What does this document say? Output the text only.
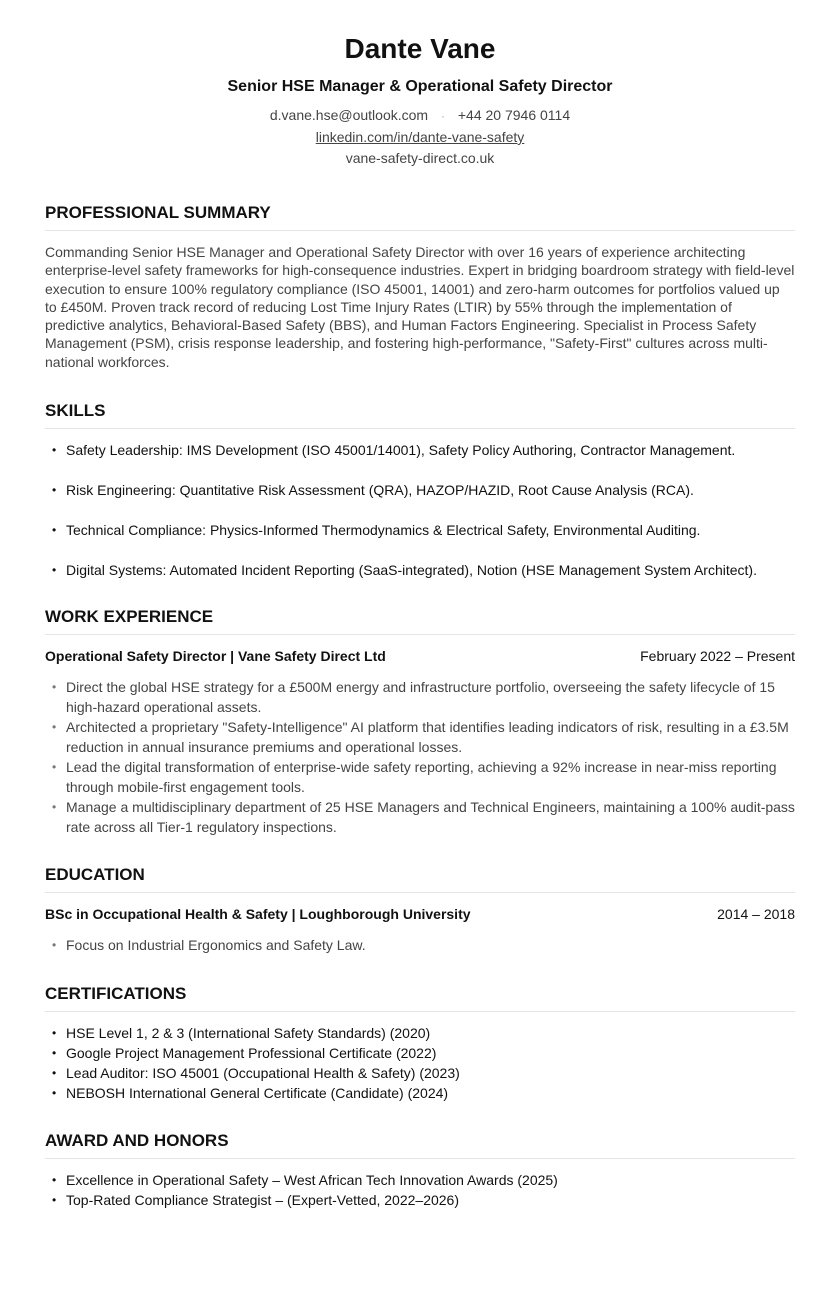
Dante Vane
Senior HSE Manager & Operational Safety Director
d.vane.hse@outlook.com · +44 20 7946 0114
linkedin.com/in/dante-vane-safety
vane-safety-direct.co.uk
PROFESSIONAL SUMMARY
Commanding Senior HSE Manager and Operational Safety Director with over 16 years of experience architecting enterprise-level safety frameworks for high-consequence industries. Expert in bridging boardroom strategy with field-level execution to ensure 100% regulatory compliance (ISO 45001, 14001) and zero-harm outcomes for portfolios valued up to £450M. Proven track record of reducing Lost Time Injury Rates (LTIR) by 55% through the implementation of predictive analytics, Behavioral-Based Safety (BBS), and Human Factors Engineering. Specialist in Process Safety Management (PSM), crisis response leadership, and fostering high-performance, "Safety-First" cultures across multi-national workforces.
SKILLS
• Safety Leadership: IMS Development (ISO 45001/14001), Safety Policy Authoring, Contractor Management.
• Risk Engineering: Quantitative Risk Assessment (QRA), HAZOP/HAZID, Root Cause Analysis (RCA).
• Technical Compliance: Physics-Informed Thermodynamics & Electrical Safety, Environmental Auditing.
• Digital Systems: Automated Incident Reporting (SaaS-integrated), Notion (HSE Management System Architect).
WORK EXPERIENCE
Operational Safety Director | Vane Safety Direct Ltd	February 2022 – Present
• Direct the global HSE strategy for a £500M energy and infrastructure portfolio, overseeing the safety lifecycle of 15 high-hazard operational assets.
• Architected a proprietary "Safety-Intelligence" AI platform that identifies leading indicators of risk, resulting in a £3.5M reduction in annual insurance premiums and operational losses.
• Lead the digital transformation of enterprise-wide safety reporting, achieving a 92% increase in near-miss reporting through mobile-first engagement tools.
• Manage a multidisciplinary department of 25 HSE Managers and Technical Engineers, maintaining a 100% audit-pass rate across all Tier-1 regulatory inspections.
EDUCATION
BSc in Occupational Health & Safety | Loughborough University	2014 – 2018
• Focus on Industrial Ergonomics and Safety Law.
CERTIFICATIONS
• HSE Level 1, 2 & 3 (International Safety Standards) (2020)
• Google Project Management Professional Certificate (2022)
• Lead Auditor: ISO 45001 (Occupational Health & Safety) (2023)
• NEBOSH International General Certificate (Candidate) (2024)
AWARD AND HONORS
• Excellence in Operational Safety – West African Tech Innovation Awards (2025)
• Top-Rated Compliance Strategist – (Expert-Vetted, 2022–2026)
